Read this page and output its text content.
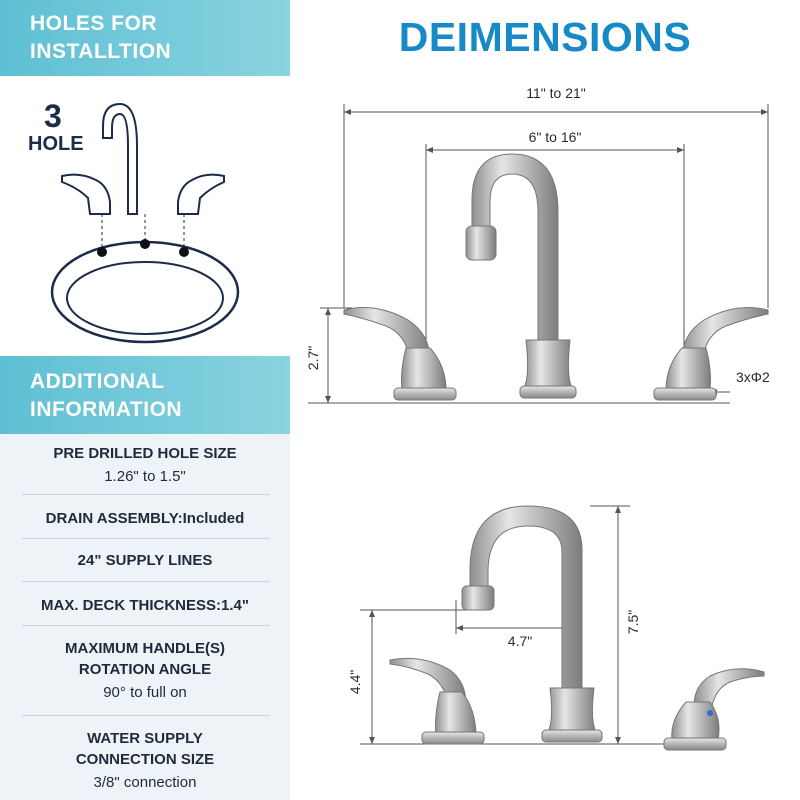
HOLES FOR
INSTALLTION
3
HOLE
ADDITIONAL
INFORMATION
PRE DRILLED HOLE SIZE
1.26" to 1.5"
DRAIN ASSEMBLY:Included
24" SUPPLY LINES
MAX. DECK THICKNESS:1.4"
MAXIMUM HANDLE(S)
ROTATION ANGLE
90° to full on
WATER SUPPLY
CONNECTION SIZE
3/8" connection
DEIMENSIONS
11" to 21"
6" to 16"
2.7"
3xΦ2
4.7"
7.5"
4.4"
